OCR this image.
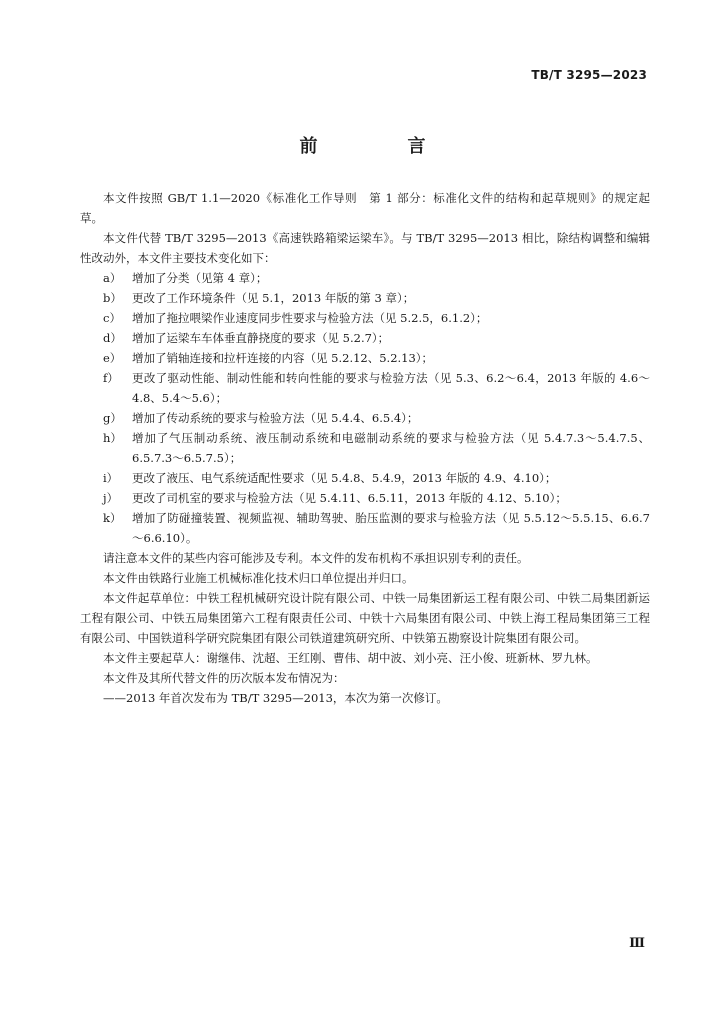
TB/T 3295—2023
前　言
本文件按照 GB/T 1.1—2020《标准化工作导则　第 1 部分：标准化文件的结构和起草规则》的规定起草。
本文件代替 TB/T 3295—2013《高速铁路箱梁运梁车》。与 TB/T 3295—2013 相比，除结构调整和编辑性改动外，本文件主要技术变化如下：
a） 增加了分类（见第 4 章）；
b） 更改了工作环境条件（见 5.1，2013 年版的第 3 章）；
c） 增加了拖拉喂梁作业速度同步性要求与检验方法（见 5.2.5，6.1.2）；
d） 增加了运梁车车体垂直静挠度的要求（见 5.2.7）；
e） 增加了销轴连接和拉杆连接的内容（见 5.2.12、5.2.13）；
f） 更改了驱动性能、制动性能和转向性能的要求与检验方法（见 5.3、6.2～6.4，2013 年版的 4.6～4.8、5.4～5.6）；
g） 增加了传动系统的要求与检验方法（见 5.4.4、6.5.4）；
h） 增加了气压制动系统、液压制动系统和电磁制动系统的要求与检验方法（见 5.4.7.3～5.4.7.5、6.5.7.3～6.5.7.5）；
i） 更改了液压、电气系统适配性要求（见 5.4.8、5.4.9，2013 年版的 4.9、4.10）；
j） 更改了司机室的要求与检验方法（见 5.4.11、6.5.11，2013 年版的 4.12、5.10）；
k） 增加了防碰撞装置、视频监视、辅助驾驶、胎压监测的要求与检验方法（见 5.5.12～5.5.15、6.6.7～6.6.10）。
请注意本文件的某些内容可能涉及专利。本文件的发布机构不承担识别专利的责任。
本文件由铁路行业施工机械标准化技术归口单位提出并归口。
本文件起草单位：中铁工程机械研究设计院有限公司、中铁一局集团新运工程有限公司、中铁二局集团新运工程有限公司、中铁五局集团第六工程有限责任公司、中铁十六局集团有限公司、中铁上海工程局集团第三工程有限公司、中国铁道科学研究院集团有限公司铁道建筑研究所、中铁第五勘察设计院集团有限公司。
本文件主要起草人：谢继伟、沈超、王红刚、曹伟、胡中波、刘小亮、汪小俊、班新林、罗九林。
本文件及其所代替文件的历次版本发布情况为：
——2013 年首次发布为 TB/T 3295—2013，本次为第一次修订。
Ⅲ
